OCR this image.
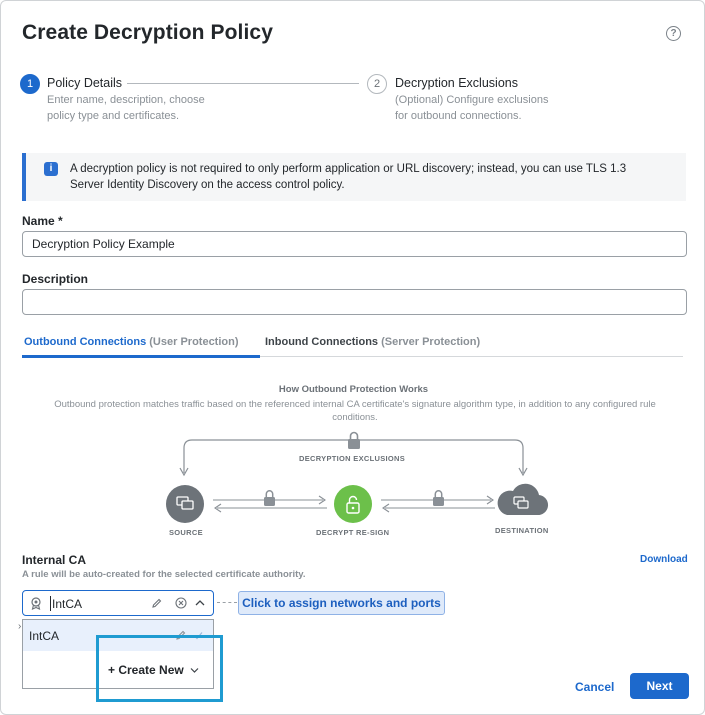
Create Decryption Policy	?
1	Policy Details
Enter name, description, choose
policy type and certificates.
2	Decryption Exclusions
(Optional) Configure exclusions
for outbound connections.
i	A decryption policy is not required to only perform application or URL discovery; instead, you can use TLS 1.3
Server Identity Discovery on the access control policy.
Name *
Decryption Policy Example
Description
Outbound Connections (User Protection) Inbound Connections (Server Protection)
How Outbound Protection Works
Outbound protection matches traffic based on the referenced internal CA certificate's signature algorithm type, in addition to any configured rule
conditions.
DECRYPTION EXCLUSIONS
SOURCE	DECRYPT RE-SIGN	DESTINATION
Internal CA	Download
A rule will be auto-created for the selected certificate authority.
IntCA	Click to assign networks and ports
›
IntCA
+ Create New
Cancel	Next
